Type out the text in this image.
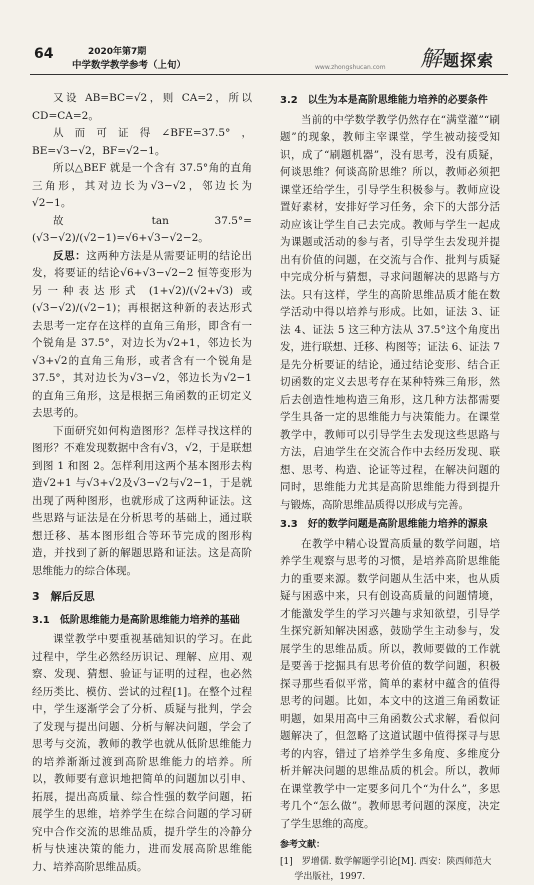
64	2020年第7期
中学数学教学参考（上旬）	www.zhongshucan.com 解题探索

又设 AB=BC=√2，则 CA=2，所以 CD=CA=2。

从而可证得∠BFE=37.5°，BE=√3−√2，BF=√2−1。

所以△BEF 就是一个含有 37.5°角的直角三角形，其对边长为√3−√2，邻边长为√2−1。

故 tan 37.5°=(√3−√2)/(√2−1)=√6+√3−√2−2。

反思：这两种方法是从需要证明的结论出发，将要证的结论√6+√3−√2−2 恒等变形为另一种表达形式 (1+√2)/(√2+√3) 或 (√3−√2)/(√2−1)；再根据这种新的表达形式去思考一定存在这样的直角三角形，即含有一个锐角是 37.5°，对边长为√2+1，邻边长为√3+√2的直角三角形，或者含有一个锐角是 37.5°，其对边长为√3−√2，邻边长为√2−1 的直角三角形，这是根据三角函数的正切定义去思考的。

下面研究如何构造图形？怎样寻找这样的图形？不难发现数据中含有√3，√2，于是联想到图 1 和图 2。怎样利用这两个基本图形去构造√2+1 与√3+√2及√3−√2与√2−1，于是就出现了两种图形，也就形成了这两种证法。这些思路与证法是在分析思考的基础上，通过联想迁移、基本图形组合等环节完成的图形构造，并找到了新的解题思路和证法。这是高阶思维能力的综合体现。

3　解后反思
3.1　低阶思维能力是高阶思维能力培养的基础

课堂教学中要重视基础知识的学习。在此过程中，学生必然经历识记、理解、应用、观察、发现、猜想、验证与证明的过程，也必然经历类比、模仿、尝试的过程[1]。在整个过程中，学生逐渐学会了分析、质疑与批判，学会了发现与提出问题、分析与解决问题，学会了思考与交流，教师的教学也就从低阶思维能力的培养渐渐过渡到高阶思维能力的培养。所以，教师要有意识地把简单的问题加以引申、拓展，提出高质量、综合性强的数学问题，拓展学生的思维，培养学生在综合问题的学习研究中合作交流的思维品质，提升学生的冷静分析与快速决策的能力，进而发展高阶思维能力、培养高阶思维品质。

3.2　以生为本是高阶思维能力培养的必要条件

当前的中学数学教学仍然存在“满堂灌”“刷题”的现象，教师主宰课堂，学生被动接受知识，成了“刷题机器”，没有思考，没有质疑，何谈思维？何谈高阶思维？所以，教师必须把课堂还给学生，引导学生积极参与。教师应设置好素材，安排好学习任务，余下的大部分活动应该让学生自己去完成。教师与学生一起成为课题或活动的参与者，引导学生去发现并提出有价值的问题，在交流与合作、批判与质疑中完成分析与猜想，寻求问题解决的思路与方法。只有这样，学生的高阶思维品质才能在数学活动中得以培养与形成。比如，证法 3、证法 4、证法 5 这三种方法从 37.5°这个角度出发，进行联想、迁移、构图等；证法 6、证法 7 是先分析要证的结论，通过结论变形、结合正切函数的定义去思考存在某种特殊三角形，然后去创造性地构造三角形，这几种方法都需要学生具备一定的思维能力与决策能力。在课堂教学中，教师可以引导学生去发现这些思路与方法，启迪学生在交流合作中去经历发现、联想、思考、构造、论证等过程，在解决问题的同时，思维能力尤其是高阶思维能力得到提升与锻炼，高阶思维品质得以形成与完善。

3.3　好的数学问题是高阶思维能力培养的源泉

在教学中精心设置高质量的数学问题，培养学生观察与思考的习惯，是培养高阶思维能力的重要来源。数学问题从生活中来，也从质疑与困惑中来，只有创设高质量的问题情境，才能激发学生的学习兴趣与求知欲望，引导学生探究新知解决困惑，鼓励学生主动参与，发展学生的思维品质。所以，教师要做的工作就是要善于挖掘具有思考价值的数学问题，积极探寻那些看似平常，简单的素材中蕴含的值得思考的问题。比如，本文中的这道三角函数证明题，如果用高中三角函数公式求解，看似问题解决了，但忽略了这道试题中值得探寻与思考的内容，错过了培养学生多角度、多维度分析并解决问题的思维品质的机会。所以，教师在课堂教学中一定要多问几个“为什么”，多思考几个“怎么做”。教师思考问题的深度，决定了学生思维的高度。

参考文献：
[1]　罗增儒. 数学解题学引论[M]. 西安：陕西师范大学出版社，1997.
